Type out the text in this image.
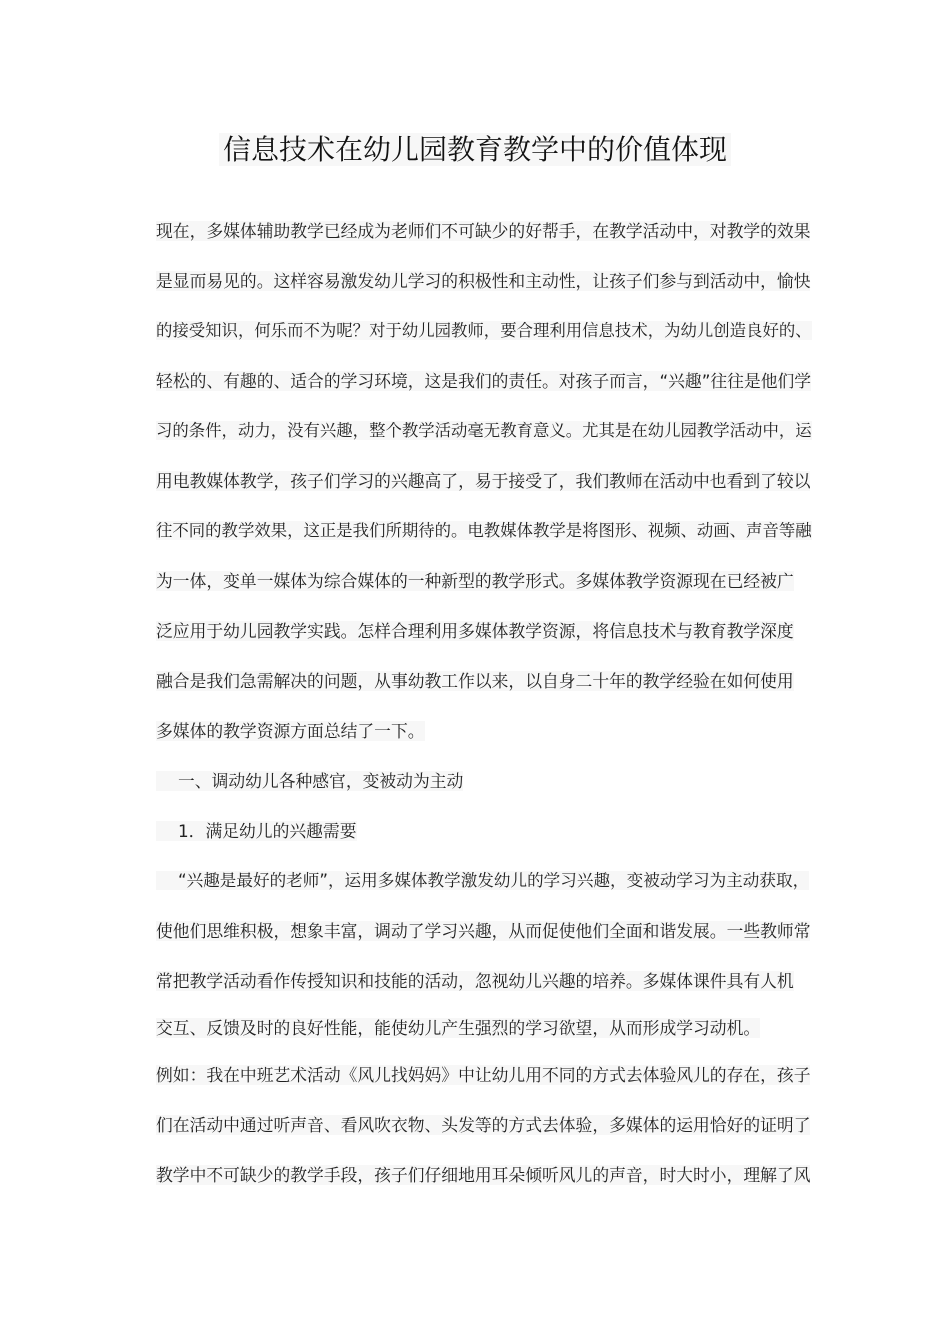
信息技术在幼儿园教育教学中的价值体现
现在，多媒体辅助教学已经成为老师们不可缺少的好帮手，在教学活动中，对教学的效果
是显而易见的。这样容易激发幼儿学习的积极性和主动性，让孩子们参与到活动中，愉快
的接受知识，何乐而不为呢？对于幼儿园教师，要合理利用信息技术，为幼儿创造良好的、
轻松的、有趣的、适合的学习环境，这是我们的责任。对孩子而言，“兴趣”往往是他们学
习的条件，动力，没有兴趣，整个教学活动毫无教育意义。尤其是在幼儿园教学活动中，运
用电教媒体教学，孩子们学习的兴趣高了，易于接受了，我们教师在活动中也看到了较以
往不同的教学效果，这正是我们所期待的。电教媒体教学是将图形、视频、动画、声音等融
为一体，变单一媒体为综合媒体的一种新型的教学形式。多媒体教学资源现在已经被广
泛应用于幼儿园教学实践。怎样合理利用多媒体教学资源，将信息技术与教育教学深度
融合是我们急需解决的问题，从事幼教工作以来，以自身二十年的教学经验在如何使用
多媒体的教学资源方面总结了一下。
一、调动幼儿各种感官，变被动为主动
1．满足幼儿的兴趣需要
“兴趣是最好的老师”，运用多媒体教学激发幼儿的学习兴趣，变被动学习为主动获取，
使他们思维积极，想象丰富，调动了学习兴趣，从而促使他们全面和谐发展。一些教师常
常把教学活动看作传授知识和技能的活动，忽视幼儿兴趣的培养。多媒体课件具有人机
交互、反馈及时的良好性能，能使幼儿产生强烈的学习欲望，从而形成学习动机。
例如：我在中班艺术活动《风儿找妈妈》中让幼儿用不同的方式去体验风儿的存在，孩子
们在活动中通过听声音、看风吹衣物、头发等的方式去体验，多媒体的运用恰好的证明了
教学中不可缺少的教学手段，孩子们仔细地用耳朵倾听风儿的声音，时大时小，理解了风
